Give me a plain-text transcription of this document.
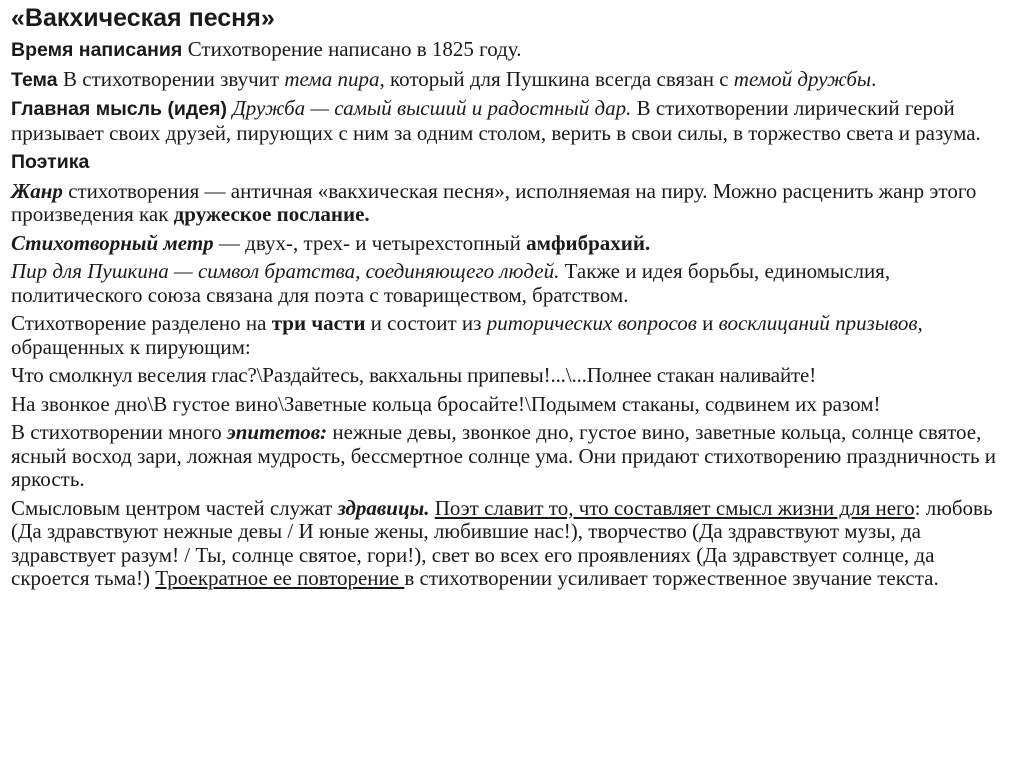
«Вакхическая песня»
Время написания Стихотворение написано в 1825 году.
Тема В стихотворении звучит тема пира, который для Пушкина всегда связан с темой дружбы.
Главная мысль (идея) Дружба — самый высший и радостный дар. В стихотворении лирический герой призывает своих друзей, пирующих с ним за одним столом, верить в свои силы, в торжество света и разума.
Поэтика
Жанр стихотворения — античная «вакхическая песня», исполняемая на пиру. Можно расценить жанр этого произведения как дружеское послание.
Стихотворный метр — двух-, трех- и четырехстопный амфибрахий.
Пир для Пушкина — символ братства, соединяющего людей. Также и идея борьбы, единомыслия, политического союза связана для поэта с товариществом, братством.
Стихотворение разделено на три части и состоит из риторических вопросов и восклицаний призывов, обращенных к пирующим:
Что смолкнул веселия глас?\Раздайтесь, вакхальны припевы!...\...Полнее стакан наливайте!
На звонкое дно\В густое вино\Заветные кольца бросайте!\Подымем стаканы, содвинем их разом!
В стихотворении много эпитетов: нежные девы, звонкое дно, густое вино, заветные кольца, солнце святое, ясный восход зари, ложная мудрость, бессмертное солнце ума. Они придают стихотворению праздничность и яркость.
Смысловым центром частей служат здравицы. Поэт славит то, что составляет смысл жизни для него: любовь (Да здравствуют нежные девы / И юные жены, любившие нас!), творчество (Да здравствуют музы, да здравствует разум! / Ты, солнце святое, гори!), свет во всех его проявлениях (Да здравствует солнце, да скроется тьма!) Троекратное ее повторение в стихотворении усиливает торжественное звучание текста.
